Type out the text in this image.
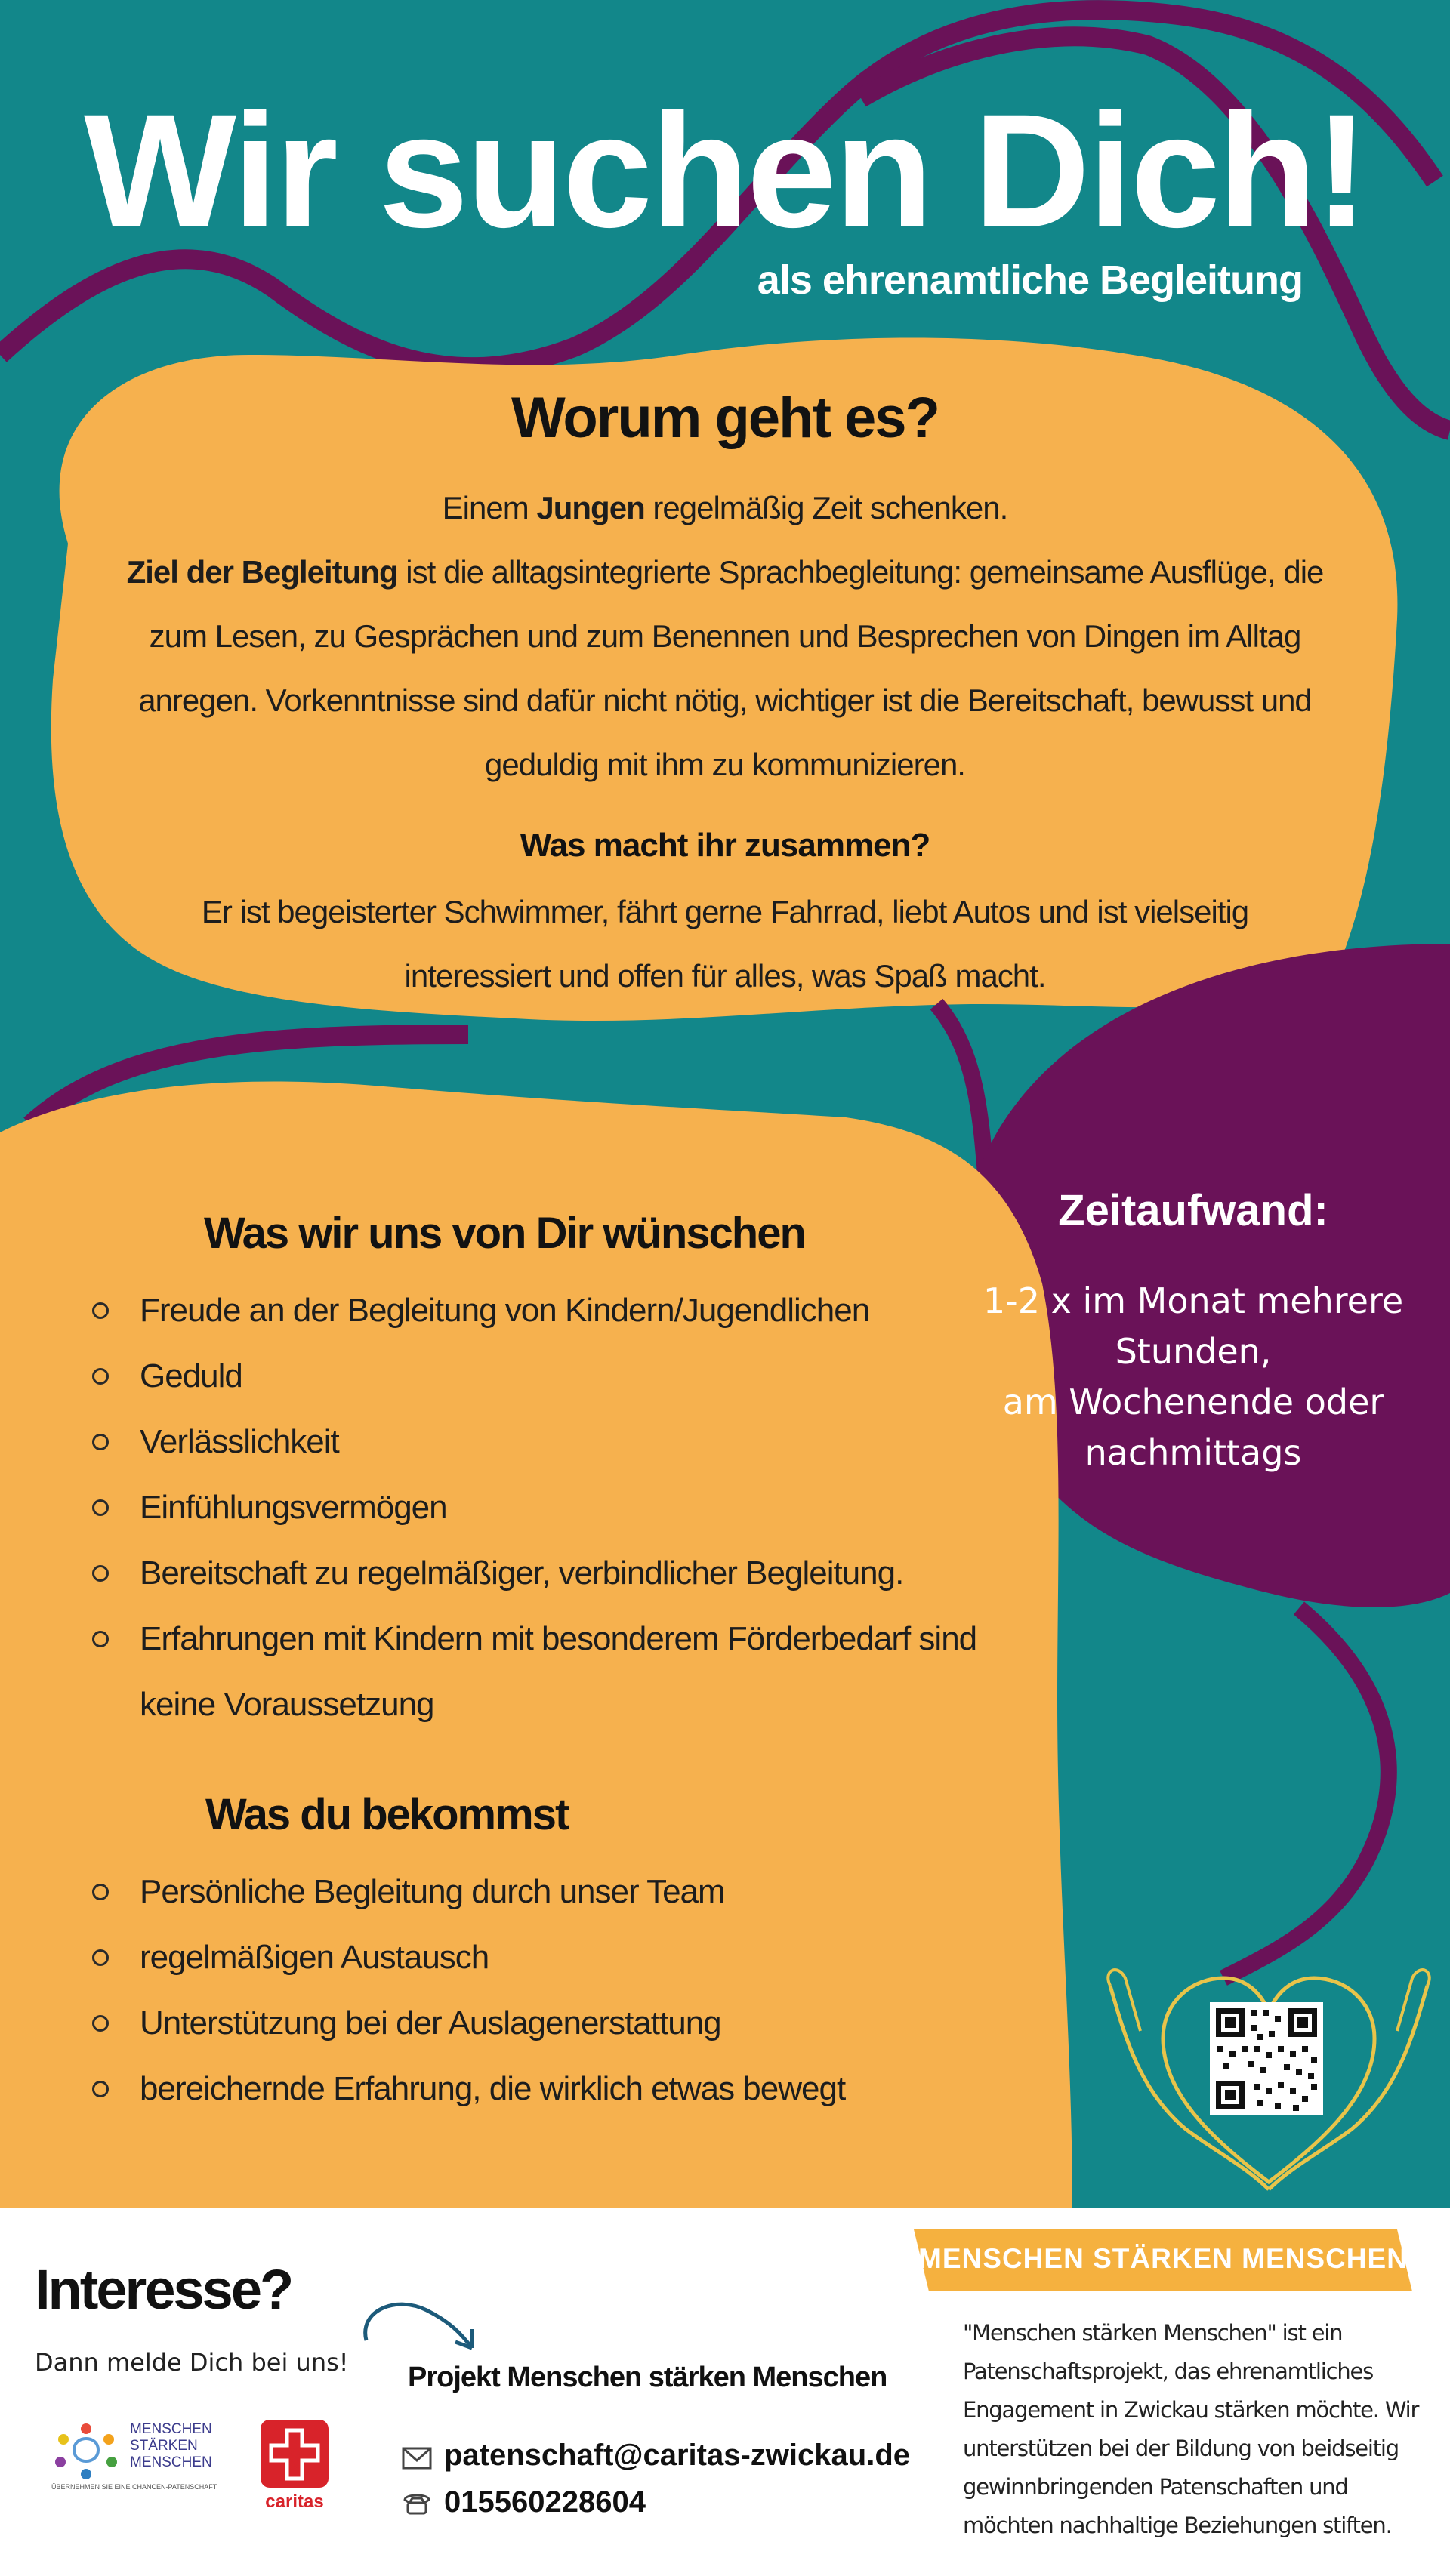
Wir suchen Dich!
als ehrenamtliche Begleitung
Worum geht es?
Einem Jungen regelmäßig Zeit schenken.
Ziel der Begleitung ist die alltagsintegrierte Sprachbegleitung: gemeinsame Ausflüge, die zum Lesen, zu Gesprächen und zum Benennen und Besprechen von Dingen im Alltag anregen. Vorkenntnisse sind dafür nicht nötig, wichtiger ist die Bereitschaft, bewusst und geduldig mit ihm zu kommunizieren.
Was macht ihr zusammen?
Er ist begeisterter Schwimmer, fährt gerne Fahrrad, liebt Autos und ist vielseitig interessiert und offen für alles, was Spaß macht.
Was wir uns von Dir wünschen
Freude an der Begleitung von Kindern/Jugendlichen
Geduld
Verlässlichkeit
Einfühlungsvermögen
Bereitschaft zu regelmäßiger, verbindlicher Begleitung.
Erfahrungen mit Kindern mit besonderem Förderbedarf sind keine Voraussetzung
Was du bekommst
Persönliche Begleitung durch unser Team
regelmäßigen Austausch
Unterstützung bei der Auslagenerstattung
bereichernde Erfahrung, die wirklich etwas bewegt
Zeitaufwand:
1-2 x im Monat mehrere Stunden,
am Wochenende oder nachmittags
Interesse?
Dann melde Dich bei uns! Projekt Menschen stärken Menschen
patenschaft@caritas-zwickau.de
015560228604
MENSCHEN
STÄRKEN
MENSCHEN
ÜBERNEHMEN SIE EINE CHANCEN-PATENSCHAFT
caritas
MENSCHEN STÄRKEN MENSCHEN
"Menschen stärken Menschen" ist ein Patenschaftsprojekt, das ehrenamtliches Engagement in Zwickau stärken möchte. Wir unterstützen bei der Bildung von beidseitig gewinnbringenden Patenschaften und möchten nachhaltige Beziehungen stiften.
